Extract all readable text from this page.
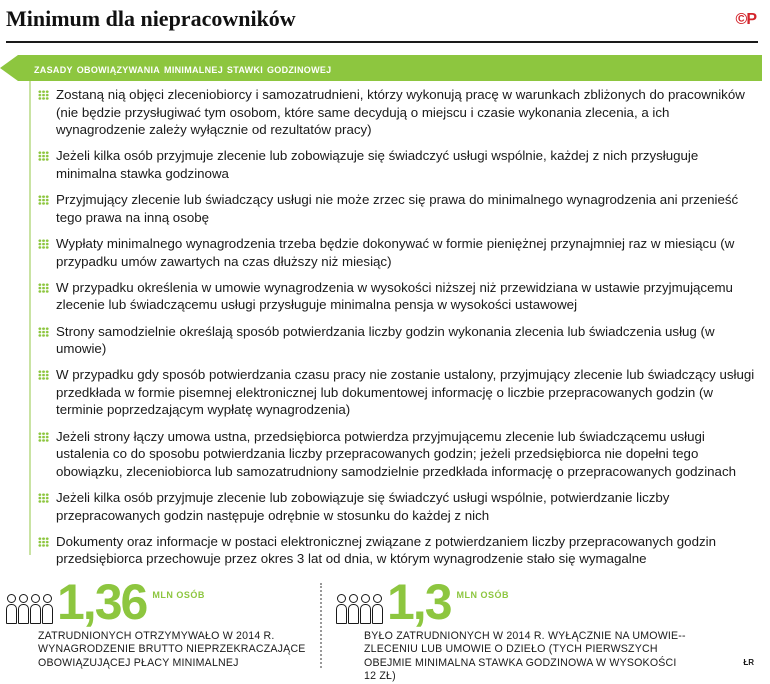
Minimum dla niepracowników	©P
zasady obowiązywania minimalnej stawki godzinowej
Zostaną nią objęci zleceniobiorcy i samozatrudnieni, którzy wykonują pracę w warunkach zbliżonych do pracowników (nie będzie przysługiwać tym osobom, które same decydują o miejscu i czasie wykonania zlecenia, a ich wynagrodzenie zależy wyłącznie od rezultatów pracy)
Jeżeli kilka osób przyjmuje zlecenie lub zobowiązuje się świadczyć usługi wspólnie, każdej z nich przysługuje minimalna stawka godzinowa
Przyjmujący zlecenie lub świadczący usługi nie może zrzec się prawa do minimalnego wynagrodzenia ani przenieść tego prawa na inną osobę
Wypłaty minimalnego wynagrodzenia trzeba będzie dokonywać w formie pieniężnej przynajmniej raz w miesiącu (w przypadku umów zawartych na czas dłuższy niż miesiąc)
W przypadku określenia w umowie wynagrodzenia w wysokości niższej niż przewidziana w ustawie przyjmującemu zlecenie lub świadczącemu usługi przysługuje minimalna pensja w wysokości ustawowej
Strony samodzielnie określają sposób potwierdzania liczby godzin wykonania zlecenia lub świadczenia usług (w umowie)
W przypadku gdy sposób potwierdzania czasu pracy nie zostanie ustalony, przyjmujący zlecenie lub świadczący usługi przedkłada w formie pisemnej elektronicznej lub dokumentowej informację o liczbie przepracowanych godzin (w terminie poprzedzającym wypłatę wynagrodzenia)
Jeżeli strony łączy umowa ustna, przedsiębiorca potwierdza przyjmującemu zlecenie lub świadczącemu usługi ustalenia co do sposobu potwierdzania liczby przepracowanych godzin; jeżeli przedsiębiorca nie dopełni tego obowiązku, zleceniobiorca lub samozatrudniony samodzielnie przedkłada informację o przepracowanych godzinach
Jeżeli kilka osób przyjmuje zlecenie lub zobowiązuje się świadczyć usługi wspólnie, potwierdzanie liczby przepracowanych godzin następuje odrębnie w stosunku do każdej z nich
Dokumenty oraz informacje w postaci elektronicznej związane z potwierdzaniem liczby przepracowanych godzin przedsiębiorca przechowuje przez okres 3 lat od dnia, w którym wynagrodzenie stało się wymagalne
1,36 MLN OSÓB
ZATRUDNIONYCH OTRZYMYWAŁO W 2014 R. WYNAGRODZENIE BRUTTO NIEPRZEKRACZAJĄCE OBOWIĄZUJĄCEJ PŁACY MINIMALNEJ
1,3 MLN OSÓB
BYŁO ZATRUDNIONYCH W 2014 R. WYŁĄCZNIE NA UMOWIE--ZLECENIU LUB UMOWIE O DZIEŁO (TYCH PIERWSZYCH OBEJMIE MINIMALNA STAWKA GODZINOWA W WYSOKOŚCI 12 ZŁ)
ŁR
